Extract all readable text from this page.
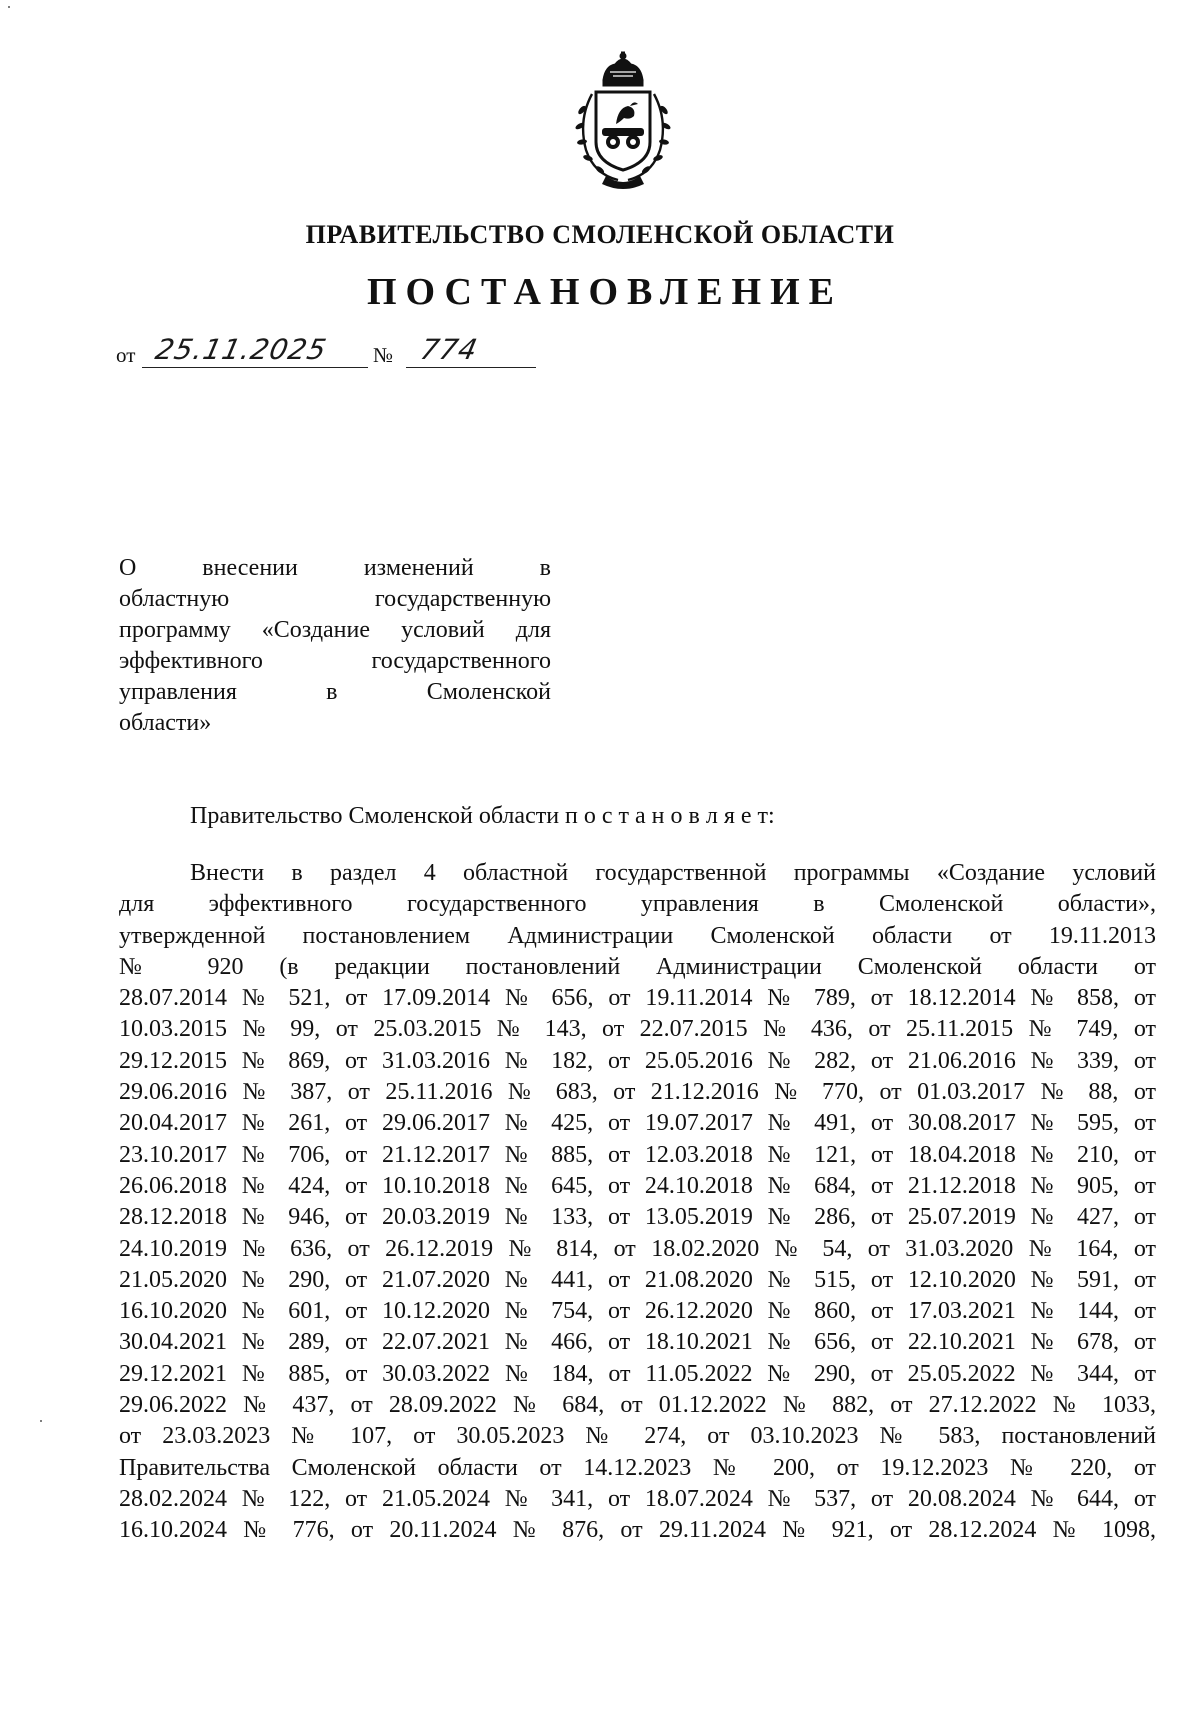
ПРАВИТЕЛЬСТВО СМОЛЕНСКОЙ ОБЛАСТИ
ПОСТАНОВЛЕНИЕ
от 25.11.2025 № 774
О внесении изменений в
областную государственную
программу «Создание условий для
эффективного государственного
управления в Смоленской
области»
Правительство Смоленской области п о с т а н о в л я е т:
Внести в раздел 4 областной государственной программы «Создание условий
для эффективного государственного управления в Смоленской области»,
утвержденной постановлением Администрации Смоленской области от 19.11.2013
№ 920 (в редакции постановлений Администрации Смоленской области от
28.07.2014 № 521, от 17.09.2014 № 656, от 19.11.2014 № 789, от 18.12.2014 № 858, от
10.03.2015 № 99, от 25.03.2015 № 143, от 22.07.2015 № 436, от 25.11.2015 № 749, от
29.12.2015 № 869, от 31.03.2016 № 182, от 25.05.2016 № 282, от 21.06.2016 № 339, от
29.06.2016 № 387, от 25.11.2016 № 683, от 21.12.2016 № 770, от 01.03.2017 № 88, от
20.04.2017 № 261, от 29.06.2017 № 425, от 19.07.2017 № 491, от 30.08.2017 № 595, от
23.10.2017 № 706, от 21.12.2017 № 885, от 12.03.2018 № 121, от 18.04.2018 № 210, от
26.06.2018 № 424, от 10.10.2018 № 645, от 24.10.2018 № 684, от 21.12.2018 № 905, от
28.12.2018 № 946, от 20.03.2019 № 133, от 13.05.2019 № 286, от 25.07.2019 № 427, от
24.10.2019 № 636, от 26.12.2019 № 814, от 18.02.2020 № 54, от 31.03.2020 № 164, от
21.05.2020 № 290, от 21.07.2020 № 441, от 21.08.2020 № 515, от 12.10.2020 № 591, от
16.10.2020 № 601, от 10.12.2020 № 754, от 26.12.2020 № 860, от 17.03.2021 № 144, от
30.04.2021 № 289, от 22.07.2021 № 466, от 18.10.2021 № 656, от 22.10.2021 № 678, от
29.12.2021 № 885, от 30.03.2022 № 184, от 11.05.2022 № 290, от 25.05.2022 № 344, от
29.06.2022 № 437, от 28.09.2022 № 684, от 01.12.2022 № 882, от 27.12.2022 № 1033,
от 23.03.2023 № 107, от 30.05.2023 № 274, от 03.10.2023 № 583, постановлений
Правительства Смоленской области от 14.12.2023 № 200, от 19.12.2023 № 220, от
28.02.2024 № 122, от 21.05.2024 № 341, от 18.07.2024 № 537, от 20.08.2024 № 644, от
16.10.2024 № 776, от 20.11.2024 № 876, от 29.11.2024 № 921, от 28.12.2024 № 1098,
